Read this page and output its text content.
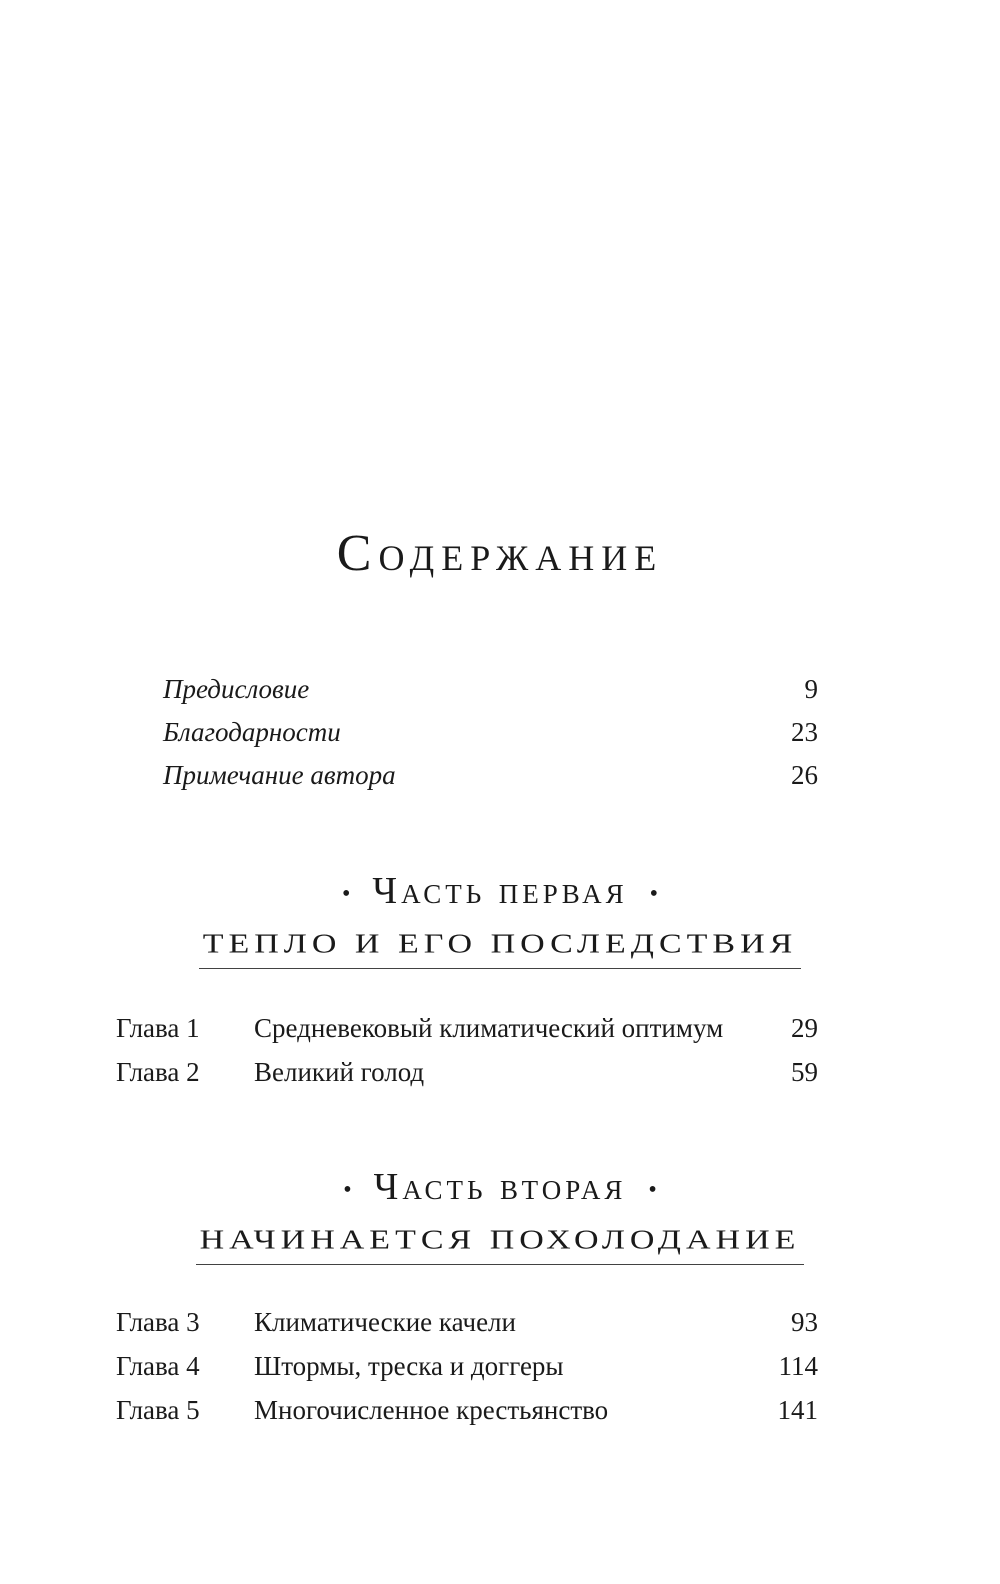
Содержание
Предисловие	9
Благодарности	23
Примечание автора	26
• Часть первая •
ТЕПЛО И ЕГО ПОСЛЕДСТВИЯ
Глава 1	Средневековый климатический оптимум	29
Глава 2	Великий голод	59
• Часть вторая •
НАЧИНАЕТСЯ ПОХОЛОДАНИЕ
Глава 3	Климатические качели	93
Глава 4	Штормы, треска и доггеры	114
Глава 5	Многочисленное крестьянство	141
